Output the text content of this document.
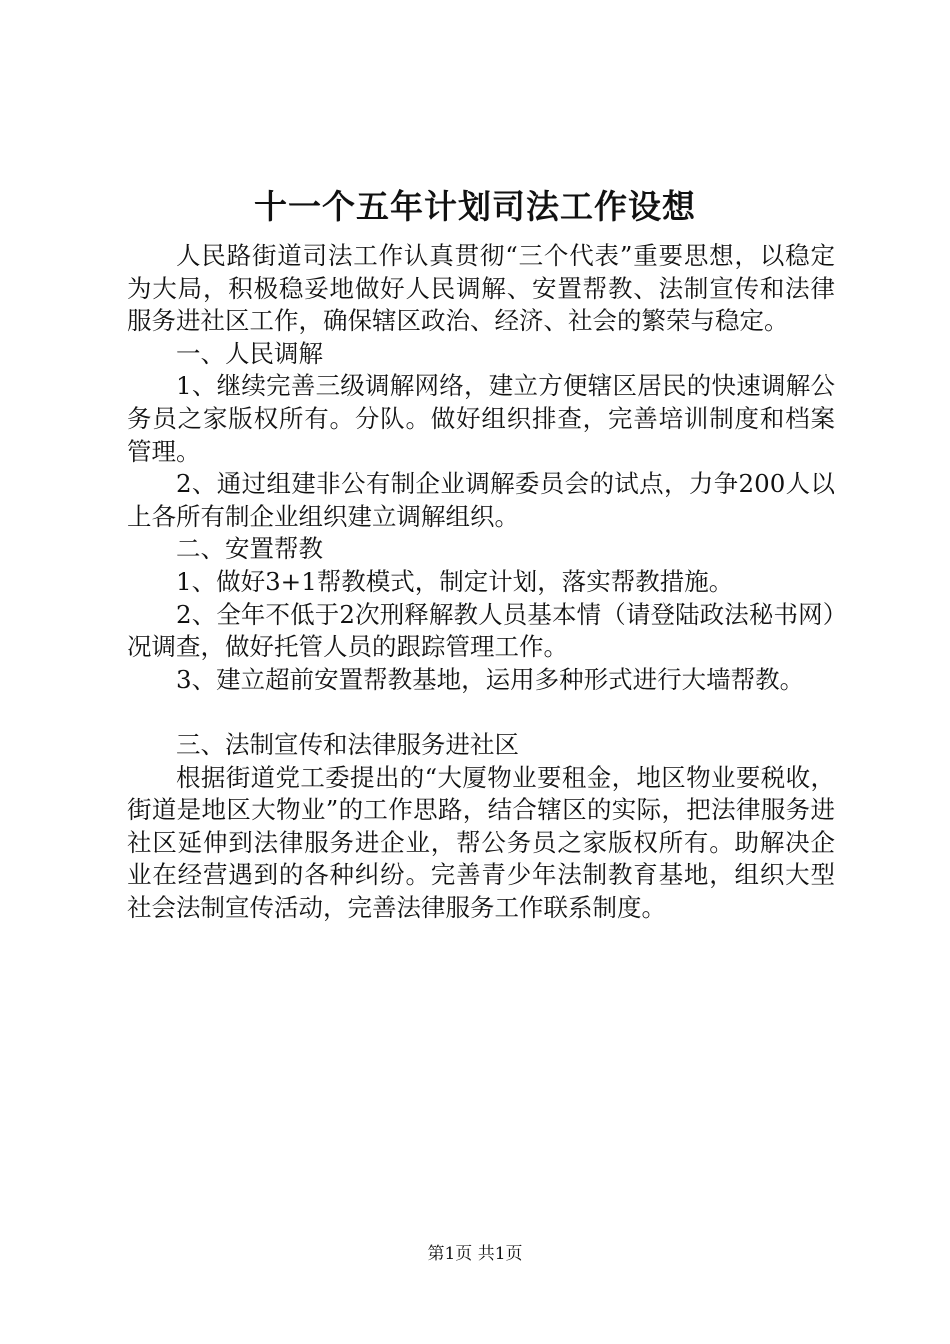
十一个五年计划司法工作设想

人民路街道司法工作认真贯彻“三个代表”重要思想，以稳定为大局，积极稳妥地做好人民调解、安置帮教、法制宣传和法律服务进社区工作，确保辖区政治、经济、社会的繁荣与稳定。

一、人民调解

1、继续完善三级调解网络，建立方便辖区居民的快速调解公务员之家版权所有。分队。做好组织排查，完善培训制度和档案管理。

2、通过组建非公有制企业调解委员会的试点，力争200人以上各所有制企业组织建立调解组织。

二、安置帮教

1、做好3+1帮教模式，制定计划，落实帮教措施。

2、全年不低于2次刑释解教人员基本情（请登陆政法秘书网）况调查，做好托管人员的跟踪管理工作。

3、建立超前安置帮教基地，运用多种形式进行大墙帮教。

三、法制宣传和法律服务进社区

根据街道党工委提出的“大厦物业要租金，地区物业要税收，街道是地区大物业”的工作思路，结合辖区的实际，把法律服务进社区延伸到法律服务进企业，帮公务员之家版权所有。助解决企业在经营遇到的各种纠纷。完善青少年法制教育基地，组织大型社会法制宣传活动，完善法律服务工作联系制度。

第1页 共1页
